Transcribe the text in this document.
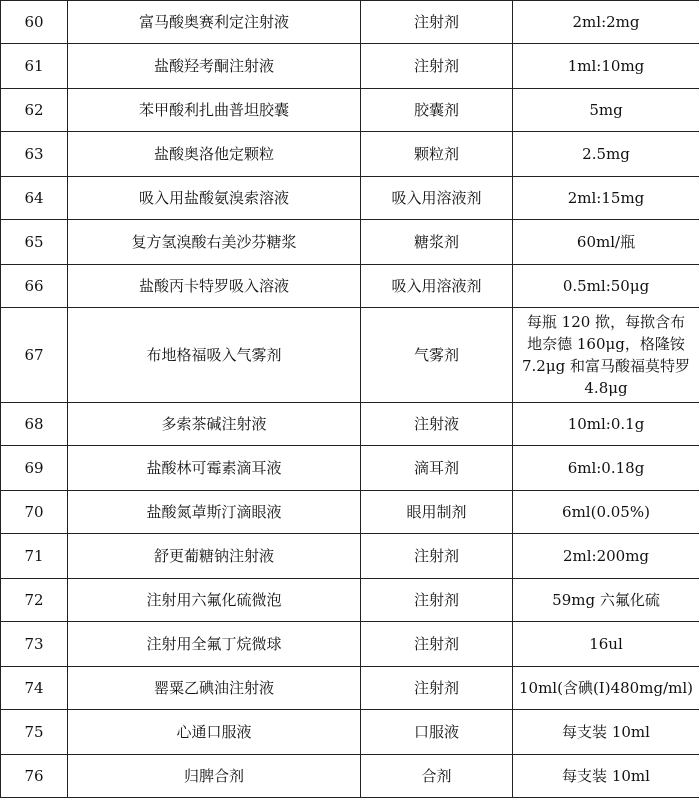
60	富马酸奥赛利定注射液	注射剂	2ml:2mg
61	盐酸羟考酮注射液	注射剂	1ml:10mg
62	苯甲酸利扎曲普坦胶囊	胶囊剂	5mg
63	盐酸奥洛他定颗粒	颗粒剂	2.5mg
64	吸入用盐酸氨溴索溶液	吸入用溶液剂	2ml:15mg
65	复方氢溴酸右美沙芬糖浆	糖浆剂	60ml/瓶
66	盐酸丙卡特罗吸入溶液	吸入用溶液剂	0.5ml:50μg
67	布地格福吸入气雾剂	气雾剂	每瓶 120 揿，每揿含布
地奈德 160μg，格隆铵
7.2μg 和富马酸福莫特罗
4.8μg

68	多索茶碱注射液	注射液	10ml:0.1g
69	盐酸林可霉素滴耳液	滴耳剂	6ml:0.18g
70	盐酸氮䓬斯汀滴眼液	眼用制剂	6ml(0.05%)
71	舒更葡糖钠注射液	注射剂	2ml:200mg
72	注射用六氟化硫微泡	注射剂	59mg 六氟化硫
73	注射用全氟丁烷微球	注射剂	16ul
74	罂粟乙碘油注射液	注射剂	10ml(含碘(I)480mg/ml)
75	心通口服液	口服液	每支装 10ml
76	归脾合剂	合剂	每支装 10ml
